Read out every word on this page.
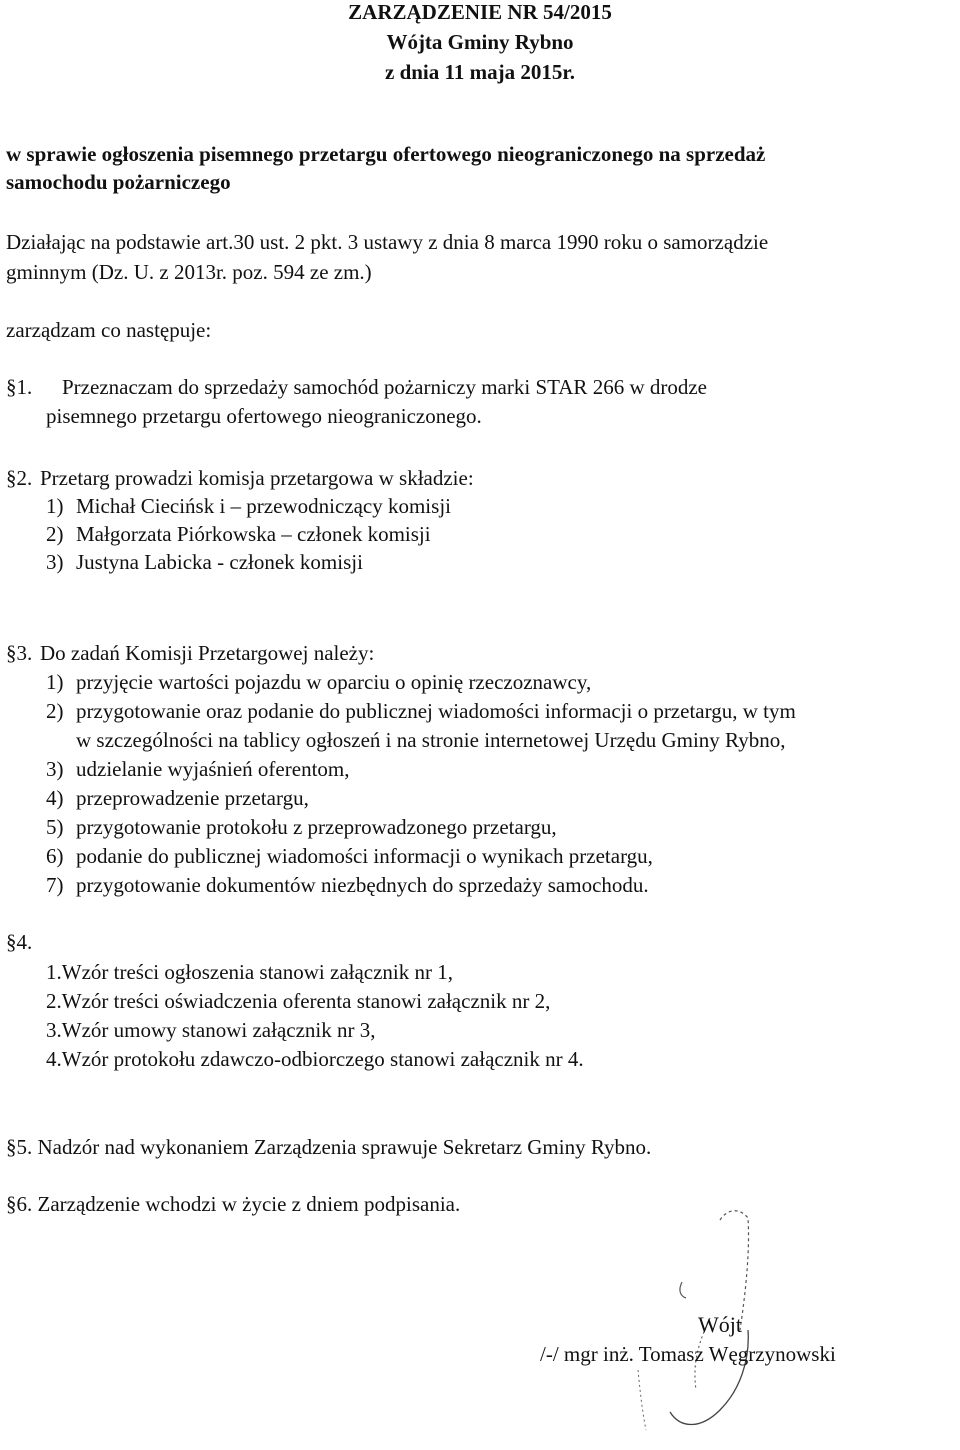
ZARZĄDZENIE NR 54/2015
Wójta Gminy Rybno
z dnia 11 maja 2015r.
w sprawie ogłoszenia pisemnego przetargu ofertowego nieograniczonego na sprzedaż
samochodu pożarniczego
Działając na podstawie art.30 ust. 2 pkt. 3 ustawy z dnia 8 marca 1990 roku o samorządzie
gminnym (Dz. U. z 2013r. poz. 594 ze zm.)
zarządzam co następuje:
§1. Przeznaczam do sprzedaży samochód pożarniczy marki STAR 266 w drodze
pisemnego przetargu ofertowego nieograniczonego.
§2. Przetarg prowadzi komisja przetargowa w składzie:
1) Michał Ciecińsk i – przewodniczący komisji
2) Małgorzata Piórkowska – członek komisji
3) Justyna Labicka - członek komisji
§3. Do zadań Komisji Przetargowej należy:
1) przyjęcie wartości pojazdu w oparciu o opinię rzeczoznawcy,
2) przygotowanie oraz podanie do publicznej wiadomości informacji o przetargu, w tym
w szczególności na tablicy ogłoszeń i na stronie internetowej Urzędu Gminy Rybno,
3) udzielanie wyjaśnień oferentom,
4) przeprowadzenie przetargu,
5) przygotowanie protokołu z przeprowadzonego przetargu,
6) podanie do publicznej wiadomości informacji o wynikach przetargu,
7) przygotowanie dokumentów niezbędnych do sprzedaży samochodu.
§4.
1.Wzór treści ogłoszenia stanowi załącznik nr 1,
2.Wzór treści oświadczenia oferenta stanowi załącznik nr 2,
3.Wzór umowy stanowi załącznik nr 3,
4.Wzór protokołu zdawczo-odbiorczego stanowi załącznik nr 4.
§5. Nadzór nad wykonaniem Zarządzenia sprawuje Sekretarz Gminy Rybno.
§6. Zarządzenie wchodzi w życie z dniem podpisania.
Wójt
/-/ mgr inż. Tomasz Węgrzynowski
